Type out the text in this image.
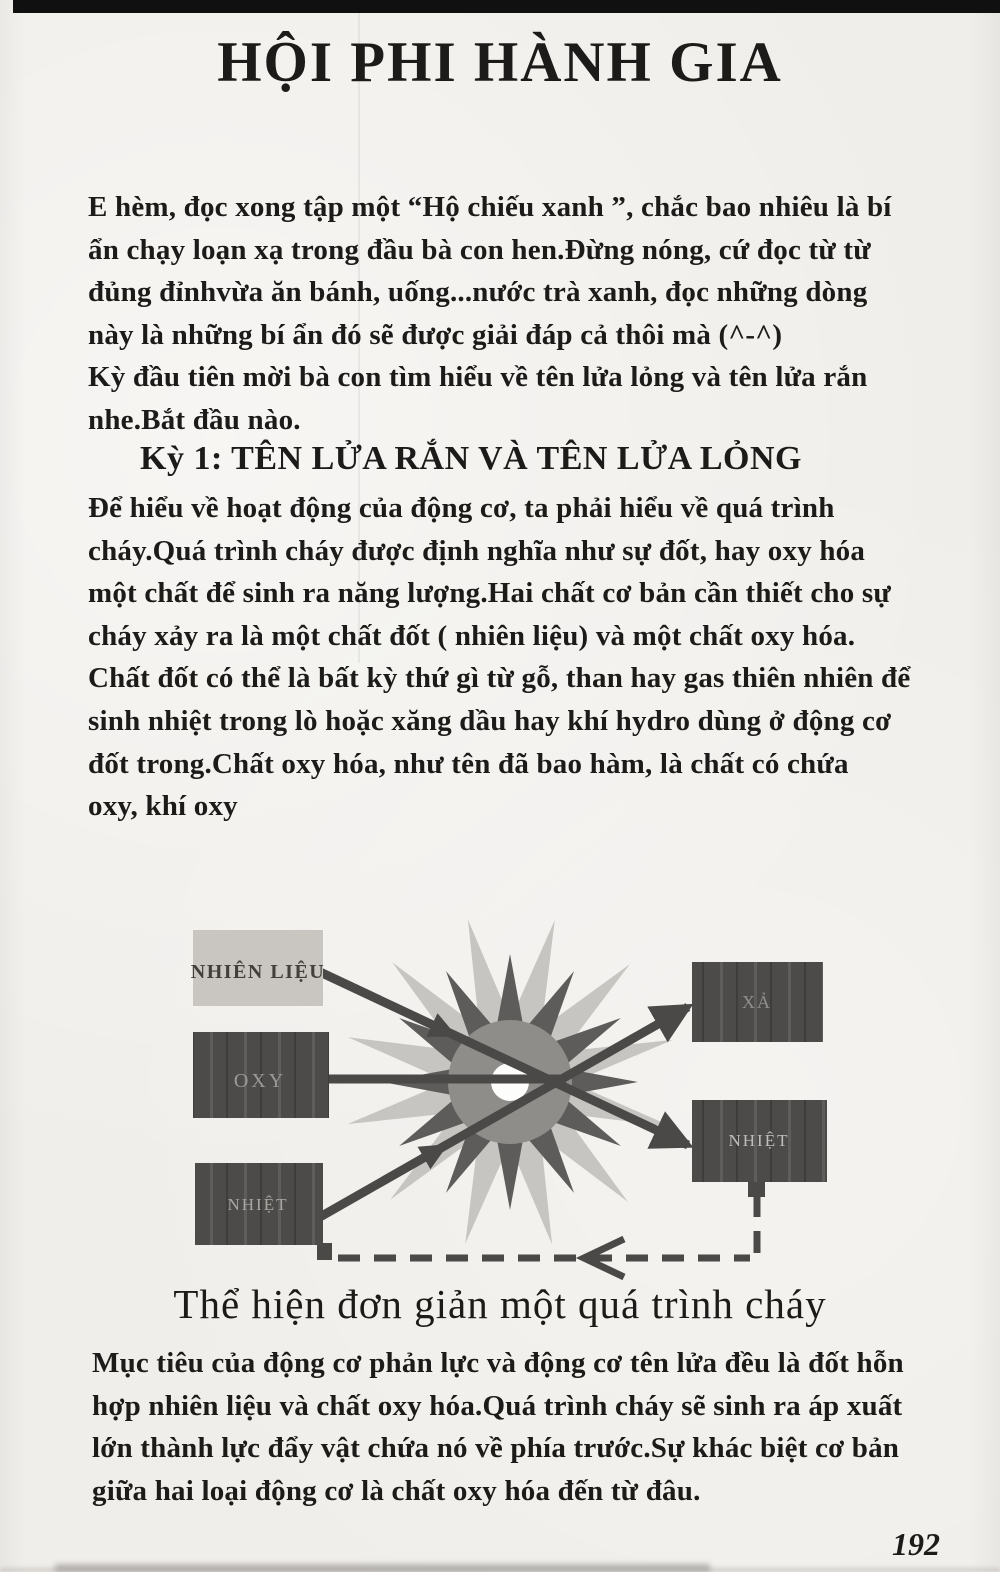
HỘI PHI HÀNH GIA
E hèm, đọc xong tập một “Hộ chiếu xanh ”, chắc bao nhiêu là bí
ẩn chạy loạn xạ trong đầu bà con hen.Đừng nóng, cứ đọc từ từ
đủng đỉnhvừa ăn bánh, uống...nước trà xanh, đọc những dòng
này là những bí ẩn đó sẽ được giải đáp cả thôi mà (^-^)
Kỳ đầu tiên mời bà con tìm hiểu về tên lửa lỏng và tên lửa rắn
nhe.Bắt đầu nào.
Kỳ 1: TÊN LỬA RẮN VÀ TÊN LỬA LỎNG
Để hiểu về hoạt động của động cơ, ta phải hiểu về quá trình
cháy.Quá trình cháy được định nghĩa như sự đốt, hay oxy hóa
một chất để sinh ra năng lượng.Hai chất cơ bản cần thiết cho sự
cháy xảy ra là một chất đốt ( nhiên liệu) và một chất oxy hóa.
Chất đốt có thể là bất kỳ thứ gì từ gỗ, than hay gas thiên nhiên để
sinh nhiệt trong lò hoặc xăng dầu hay khí hydro dùng ở động cơ
đốt trong.Chất oxy hóa, như tên đã bao hàm, là chất có chứa
oxy, khí oxy
NHIÊN LIỆU
OXY
NHIỆT
XẢ
NHIỆT
Thể hiện đơn giản một quá trình cháy
Mục tiêu của động cơ phản lực và động cơ tên lửa đều là đốt hỗn
hợp nhiên liệu và chất oxy hóa.Quá trình cháy sẽ sinh ra áp xuất
lớn thành lực đẩy vật chứa nó về phía trước.Sự khác biệt cơ bản
giữa hai loại động cơ là chất oxy hóa đến từ đâu.
192
